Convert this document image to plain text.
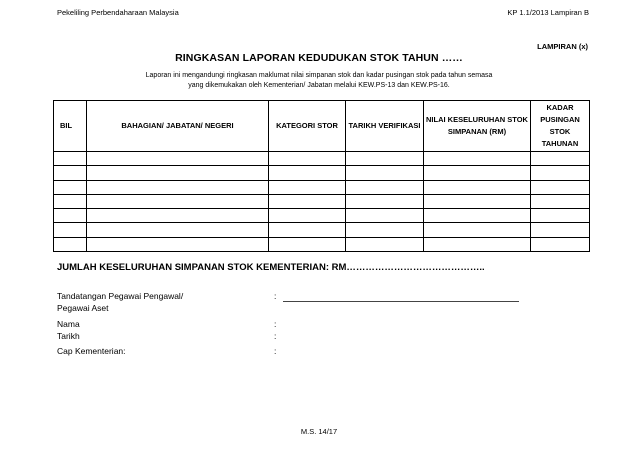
Pekeliling Perbendaharaan Malaysia	KP 1.1/2013 Lampiran B
LAMPIRAN (x)
RINGKASAN LAPORAN KEDUDUKAN STOK TAHUN ……
Laporan ini mengandungi ringkasan maklumat nilai simpanan stok dan kadar pusingan stok pada tahun semasa
yang dikemukakan oleh Kementerian/ Jabatan melalui KEW.PS-13 dan KEW.PS-16.
BIL	BAHAGIAN/ JABATAN/ NEGERI	KATEGORI STOR	TARIKH VERIFIKASI	NILAI KESELURUHAN STOK SIMPANAN (RM)	KADAR PUSINGAN STOK TAHUNAN

JUMLAH KESELURUHAN SIMPANAN STOK KEMENTERIAN: RM……………………………………..
Tandatangan Pegawai Pengawal/
Pegawai Aset
:
Nama	:
Tarikh	:
Cap Kementerian:	:
M.S. 14/17
